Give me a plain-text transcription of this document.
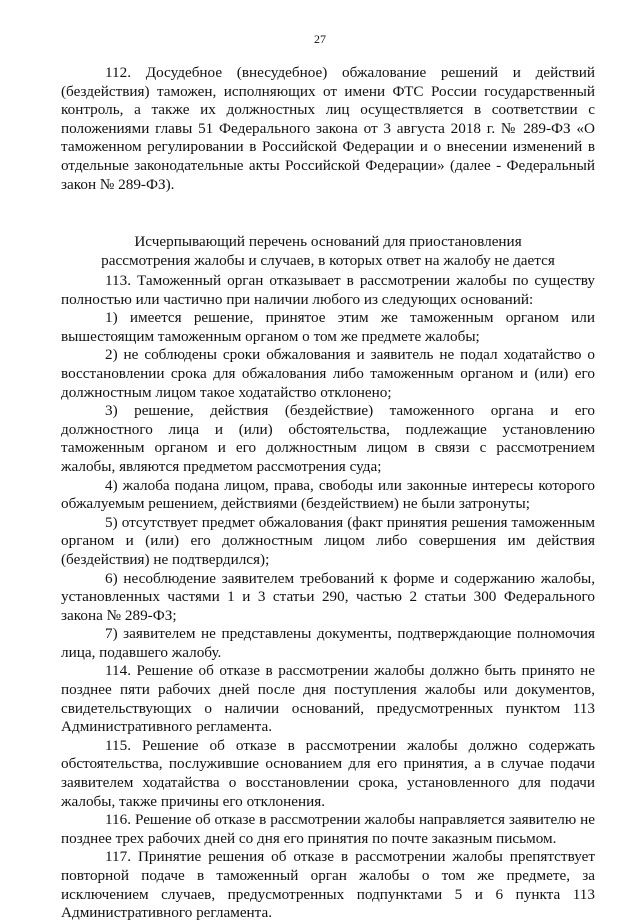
27

112. Досудебное (внесудебное) обжалование решений и действий (бездействия) таможен, исполняющих от имени ФТС России государственный контроль, а также их должностных лиц осуществляется в соответствии с положениями главы 51 Федерального закона от 3 августа 2018 г. № 289-ФЗ «О таможенном регулировании в Российской Федерации и о внесении изменений в отдельные законодательные акты Российской Федерации» (далее - Федеральный закон № 289-ФЗ).

Исчерпывающий перечень оснований для приостановления
рассмотрения жалобы и случаев, в которых ответ на жалобу не дается

113. Таможенный орган отказывает в рассмотрении жалобы по существу полностью или частично при наличии любого из следующих оснований:

1) имеется решение, принятое этим же таможенным органом или вышестоящим таможенным органом о том же предмете жалобы;

2) не соблюдены сроки обжалования и заявитель не подал ходатайство о восстановлении срока для обжалования либо таможенным органом и (или) его должностным лицом такое ходатайство отклонено;

3) решение, действия (бездействие) таможенного органа и его должностного лица и (или) обстоятельства, подлежащие установлению таможенным органом и его должностным лицом в связи с рассмотрением жалобы, являются предметом рассмотрения суда;

4) жалоба подана лицом, права, свободы или законные интересы которого обжалуемым решением, действиями (бездействием) не были затронуты;

5) отсутствует предмет обжалования (факт принятия решения таможенным органом и (или) его должностным лицом либо совершения им действия (бездействия) не подтвердился);

6) несоблюдение заявителем требований к форме и содержанию жалобы, установленных частями 1 и 3 статьи 290, частью 2 статьи 300 Федерального закона № 289-ФЗ;

7) заявителем не представлены документы, подтверждающие полномочия лица, подавшего жалобу.

114. Решение об отказе в рассмотрении жалобы должно быть принято не позднее пяти рабочих дней после дня поступления жалобы или документов, свидетельствующих о наличии оснований, предусмотренных пунктом 113 Административного регламента.

115. Решение об отказе в рассмотрении жалобы должно содержать обстоятельства, послужившие основанием для его принятия, а в случае подачи заявителем ходатайства о восстановлении срока, установленного для подачи жалобы, также причины его отклонения.

116. Решение об отказе в рассмотрении жалобы направляется заявителю не позднее трех рабочих дней со дня его принятия по почте заказным письмом.

117. Принятие решения об отказе в рассмотрении жалобы препятствует повторной подаче в таможенный орган жалобы о том же предмете, за исключением случаев, предусмотренных подпунктами 5 и 6 пункта 113 Административного регламента.
